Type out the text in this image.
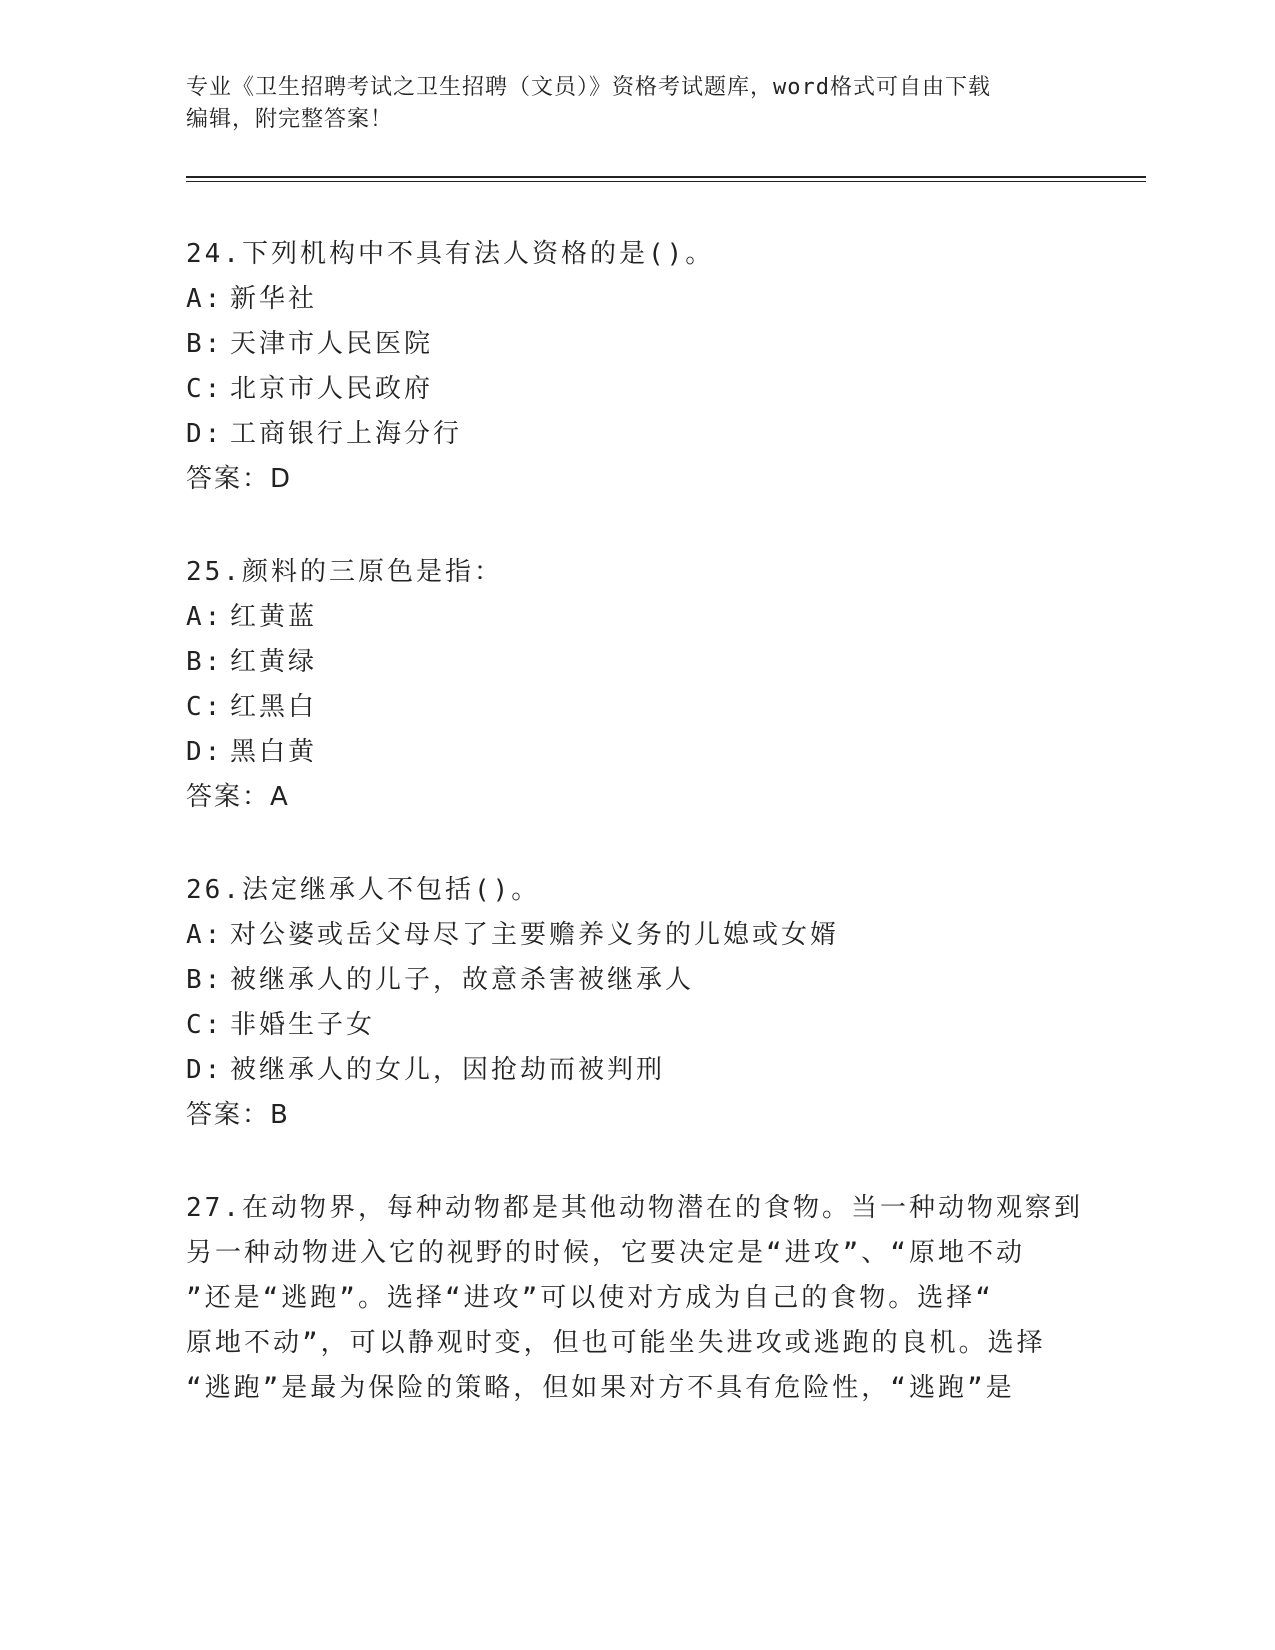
专业《卫生招聘考试之卫生招聘（文员）》资格考试题库，word格式可自由下载
编辑，附完整答案！
24.下列机构中不具有法人资格的是()。
A: 新华社
B: 天津市人民医院
C: 北京市人民政府
D: 工商银行上海分行
答案：D
25.颜料的三原色是指：
A: 红黄蓝
B: 红黄绿
C: 红黑白
D: 黑白黄
答案：A
26.法定继承人不包括()。
A: 对公婆或岳父母尽了主要赡养义务的儿媳或女婿
B: 被继承人的儿子，故意杀害被继承人
C: 非婚生子女
D: 被继承人的女儿，因抢劫而被判刑
答案：B
27.在动物界，每种动物都是其他动物潜在的食物。当一种动物观察到
另一种动物进入它的视野的时候，它要决定是“进攻”、“原地不动
”还是“逃跑”。选择“进攻”可以使对方成为自己的食物。选择“
原地不动”，可以静观时变，但也可能坐失进攻或逃跑的良机。选择
“逃跑”是最为保险的策略，但如果对方不具有危险性，“逃跑”是
